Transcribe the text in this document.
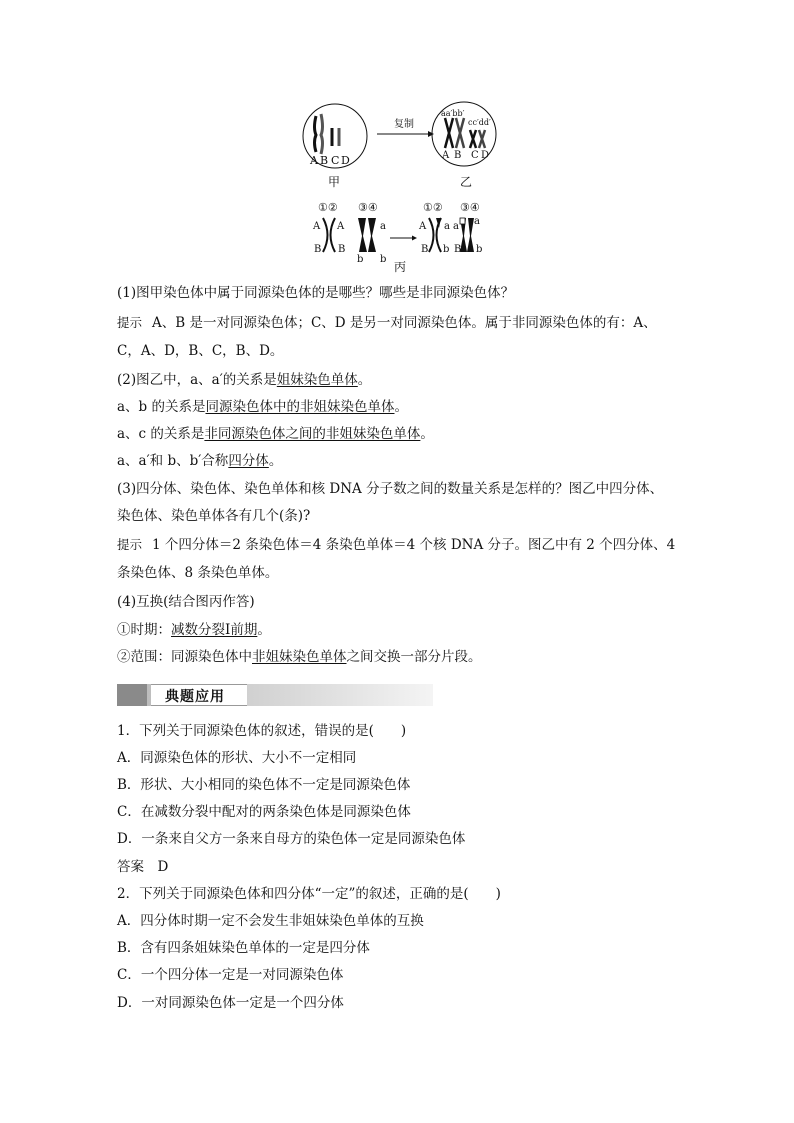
A B C D
甲
复制
aa′bb′
cc′dd′
A B C D
乙
①② ③④
A A
B B
a
b b
①② ③④
A a a a
B b B b
丙
(1)图甲染色体中属于同源染色体的是哪些？哪些是非同源染色体？
提示 A、B 是一对同源染色体；C、D 是另一对同源染色体。属于非同源染色体的有：A、
C，A、D，B、C，B、D。
(2)图乙中，a、a′的关系是姐妹染色单体。
a、b 的关系是同源染色体中的非姐妹染色单体。
a、c 的关系是非同源染色体之间的非姐妹染色单体。
a、a′和 b、b′合称四分体。
(3)四分体、染色体、染色单体和核 DNA 分子数之间的数量关系是怎样的？图乙中四分体、
染色体、染色单体各有几个(条)?
提示 1 个四分体＝2 条染色体＝4 条染色单体＝4 个核 DNA 分子。图乙中有 2 个四分体、4
条染色体、8 条染色单体。
(4)互换(结合图丙作答)
①时期：减数分裂Ⅰ前期。
②范围：同源染色体中非姐妹染色单体之间交换一部分片段。
典题应用
1．下列关于同源染色体的叙述，错误的是(　　)
A．同源染色体的形状、大小不一定相同
B．形状、大小相同的染色体不一定是同源染色体
C．在减数分裂中配对的两条染色体是同源染色体
D．一条来自父方一条来自母方的染色体一定是同源染色体
答案　D
2．下列关于同源染色体和四分体“一定”的叙述，正确的是(　　)
A．四分体时期一定不会发生非姐妹染色单体的互换
B．含有四条姐妹染色单体的一定是四分体
C．一个四分体一定是一对同源染色体
D．一对同源染色体一定是一个四分体
